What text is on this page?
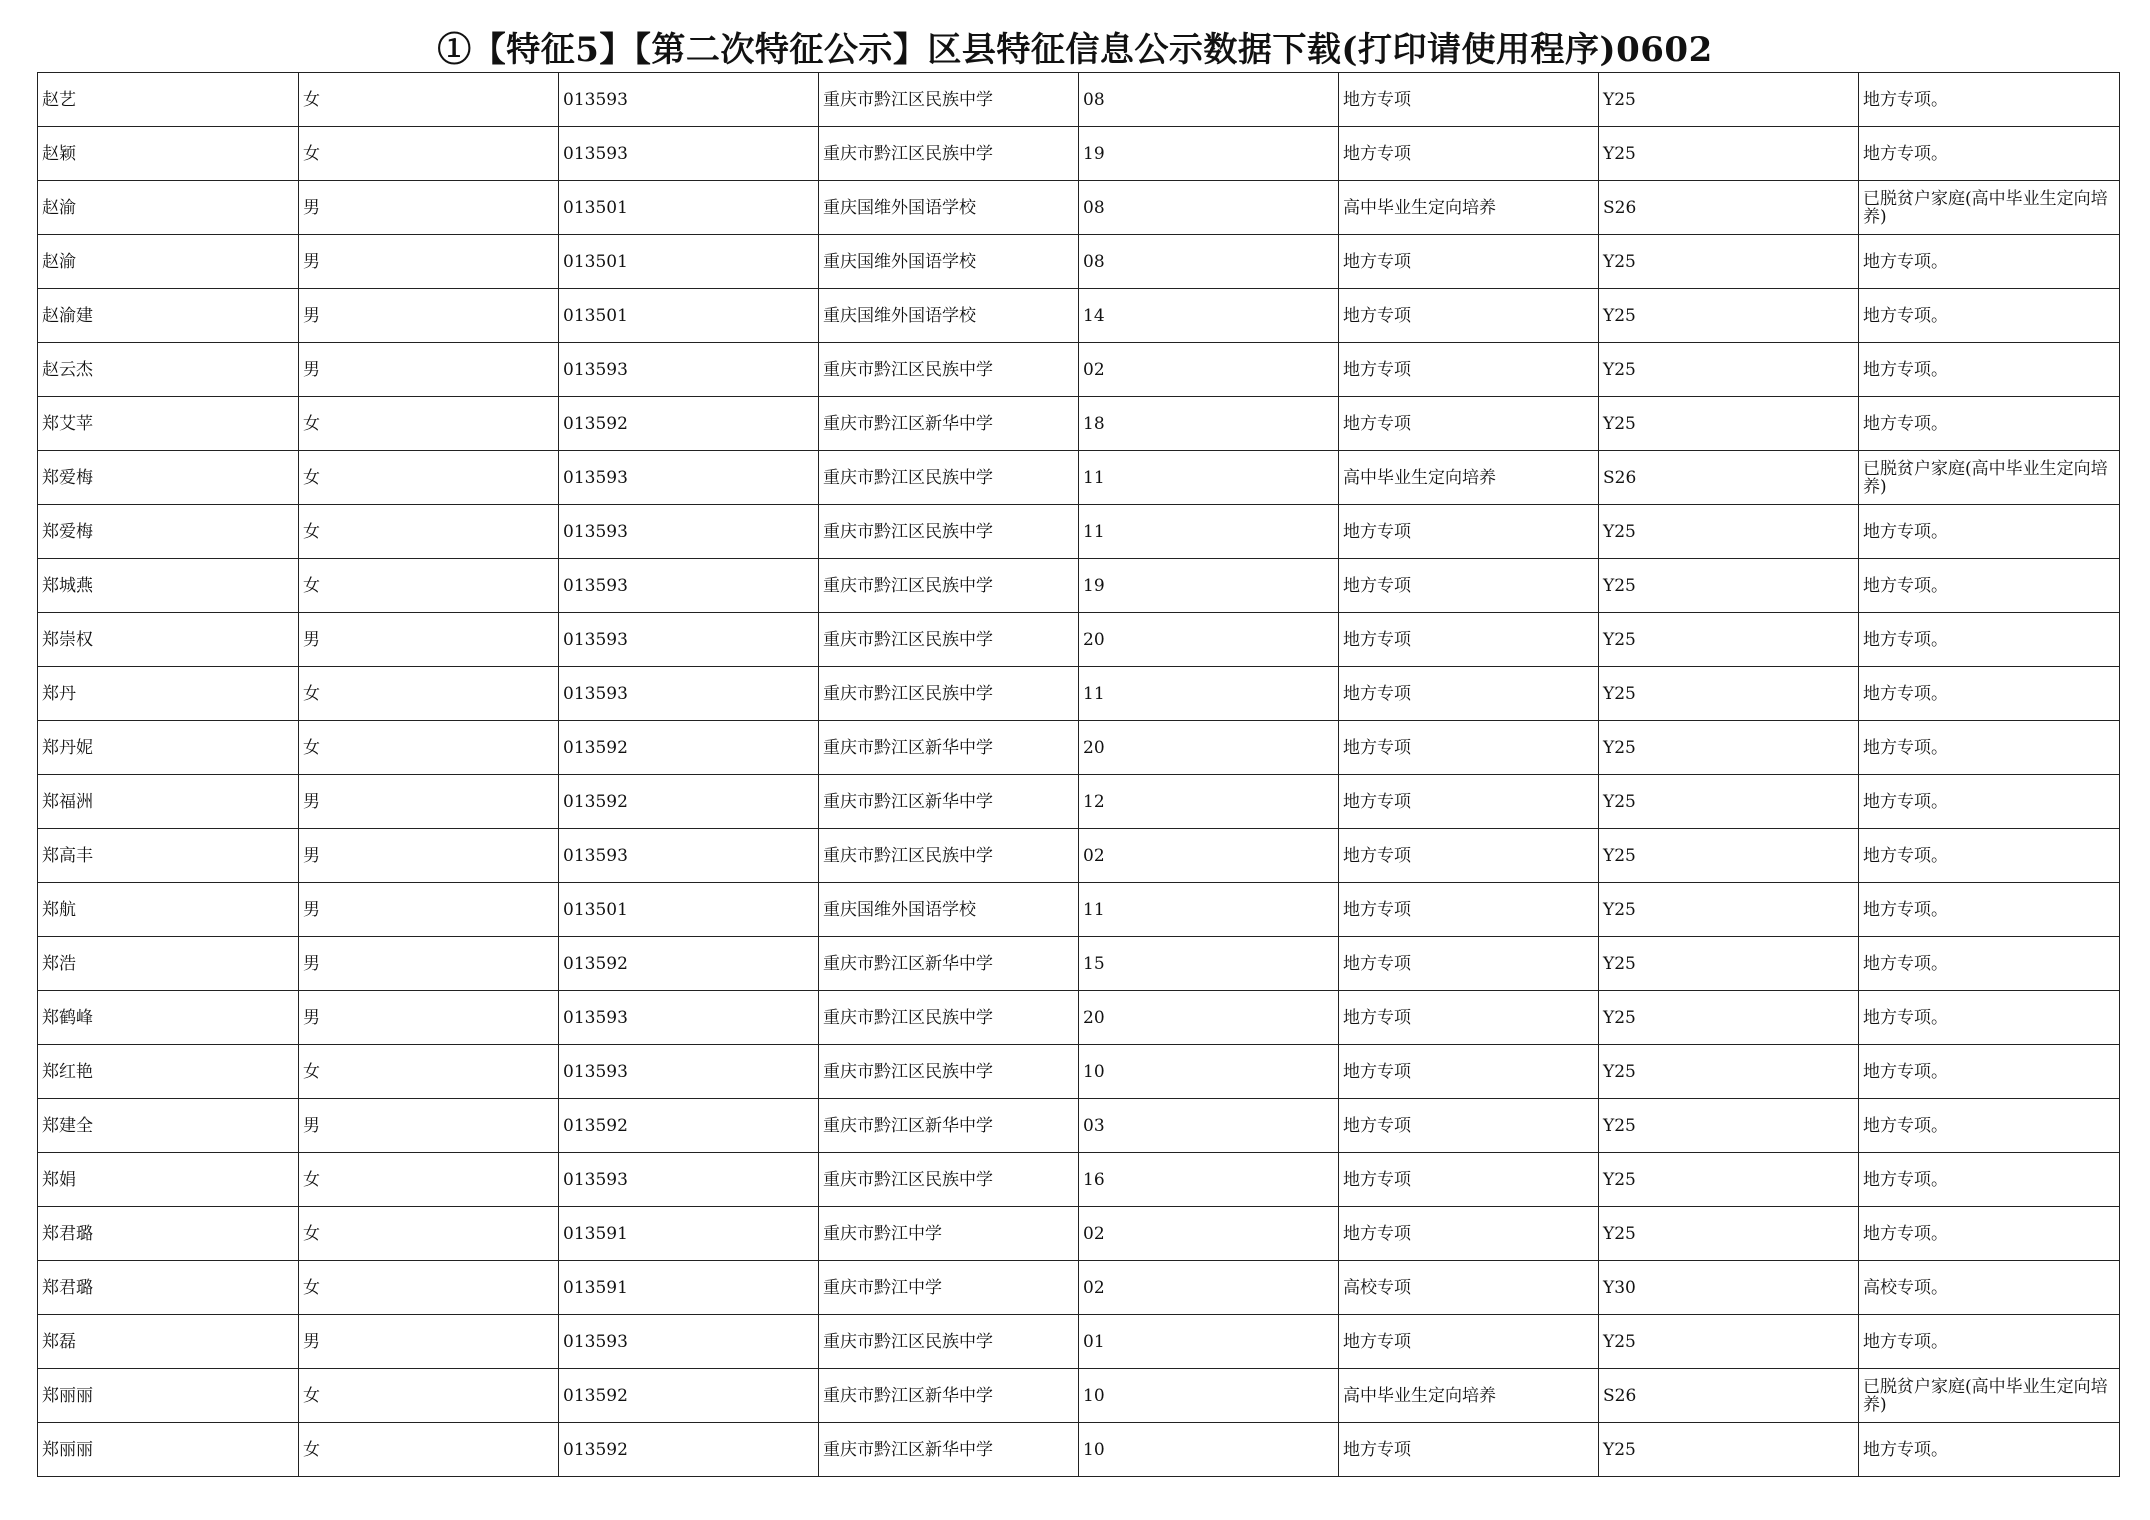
①【特征5】【第二次特征公示】区县特征信息公示数据下载(打印请使用程序)0602
赵艺	女	013593	重庆市黔江区民族中学	08	地方专项	Y25	地方专项。
赵颖	女	013593	重庆市黔江区民族中学	19	地方专项	Y25	地方专项。
赵渝	男	013501	重庆国维外国语学校	08	高中毕业生定向培养	S26	已脱贫户家庭(高中毕业生定向培养)
赵渝	男	013501	重庆国维外国语学校	08	地方专项	Y25	地方专项。
赵渝建	男	013501	重庆国维外国语学校	14	地方专项	Y25	地方专项。
赵云杰	男	013593	重庆市黔江区民族中学	02	地方专项	Y25	地方专项。
郑艾苹	女	013592	重庆市黔江区新华中学	18	地方专项	Y25	地方专项。
郑爱梅	女	013593	重庆市黔江区民族中学	11	高中毕业生定向培养	S26	已脱贫户家庭(高中毕业生定向培养)
郑爱梅	女	013593	重庆市黔江区民族中学	11	地方专项	Y25	地方专项。
郑城燕	女	013593	重庆市黔江区民族中学	19	地方专项	Y25	地方专项。
郑崇权	男	013593	重庆市黔江区民族中学	20	地方专项	Y25	地方专项。
郑丹	女	013593	重庆市黔江区民族中学	11	地方专项	Y25	地方专项。
郑丹妮	女	013592	重庆市黔江区新华中学	20	地方专项	Y25	地方专项。
郑福洲	男	013592	重庆市黔江区新华中学	12	地方专项	Y25	地方专项。
郑高丰	男	013593	重庆市黔江区民族中学	02	地方专项	Y25	地方专项。
郑航	男	013501	重庆国维外国语学校	11	地方专项	Y25	地方专项。
郑浩	男	013592	重庆市黔江区新华中学	15	地方专项	Y25	地方专项。
郑鹤峰	男	013593	重庆市黔江区民族中学	20	地方专项	Y25	地方专项。
郑红艳	女	013593	重庆市黔江区民族中学	10	地方专项	Y25	地方专项。
郑建全	男	013592	重庆市黔江区新华中学	03	地方专项	Y25	地方专项。
郑娟	女	013593	重庆市黔江区民族中学	16	地方专项	Y25	地方专项。
郑君璐	女	013591	重庆市黔江中学	02	地方专项	Y25	地方专项。
郑君璐	女	013591	重庆市黔江中学	02	高校专项	Y30	高校专项。
郑磊	男	013593	重庆市黔江区民族中学	01	地方专项	Y25	地方专项。
郑丽丽	女	013592	重庆市黔江区新华中学	10	高中毕业生定向培养	S26	已脱贫户家庭(高中毕业生定向培养)
郑丽丽	女	013592	重庆市黔江区新华中学	10	地方专项	Y25	地方专项。
